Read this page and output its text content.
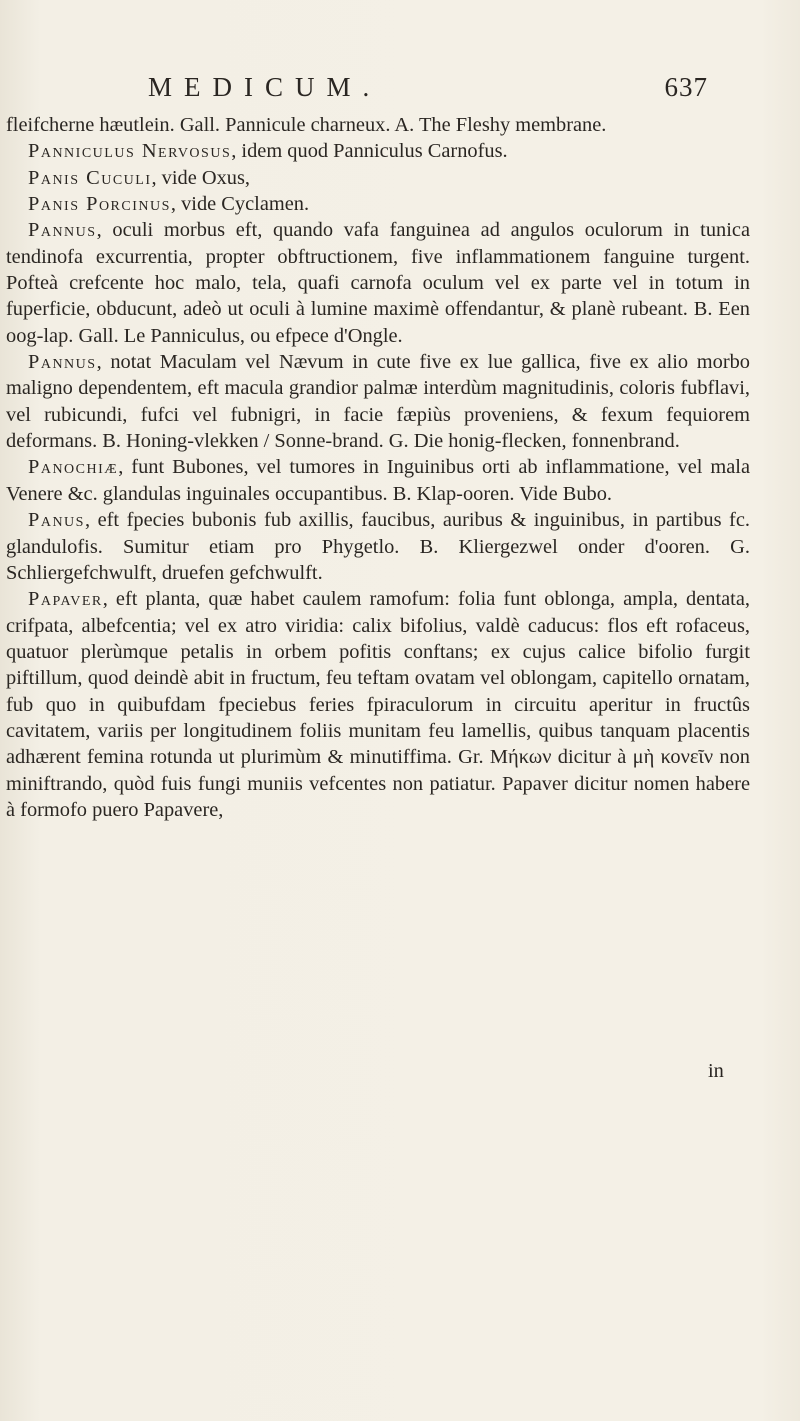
MEDICUM.	637

fleifcherne hæutlein. Gall. Pannicule charneux. A. The Fleshy membrane.

Panniculus Nervosus, idem quod Panniculus Carnofus.

Panis Cuculi, vide Oxus,

Panis Porcinus, vide Cyclamen.

Pannus, oculi morbus eft, quando vafa fanguinea ad angulos oculorum in tunica tendinofa excurrentia, propter obftructionem, five inflammationem fanguine turgent. Pofteà crefcente hoc malo, tela, quafi carnofa oculum vel ex parte vel in totum in fuperficie, obducunt, adeò ut oculi à lumine maximè offendantur, & planè rubeant. B. Een oog-lap. Gall. Le Panniculus, ou efpece d'Ongle.

Pannus, notat Maculam vel Nævum in cute five ex lue gallica, five ex alio morbo maligno dependentem, eft macula grandior palmæ interdùm magnitudinis, coloris fubflavi, vel rubicundi, fufci vel fubnigri, in facie fæpiùs proveniens, & fexum fequiorem deformans. B. Honing-vlekken / Sonne-brand. G. Die honig-flecken, fonnenbrand.

Panochiæ, funt Bubones, vel tumores in Inguinibus orti ab inflammatione, vel mala Venere &c. glandulas inguinales occupantibus. B. Klap-ooren. Vide Bubo.

Panus, eft fpecies bubonis fub axillis, faucibus, auribus & inguinibus, in partibus fc. glandulofis. Sumitur etiam pro Phygetlo. B. Kliergezwel onder d'ooren. G. Schliergefchwulft, druefen gefchwulft.

Papaver, eft planta, quæ habet caulem ramofum: folia funt oblonga, ampla, dentata, crifpata, albefcentia; vel ex atro viridia: calix bifolius, valdè caducus: flos eft rofaceus, quatuor plerùmque petalis in orbem pofitis conftans; ex cujus calice bifolio furgit piftillum, quod deindè abit in fructum, feu teftam ovatam vel oblongam, capitello ornatam, fub quo in quibufdam fpeciebus feries fpiraculorum in circuitu aperitur in fructûs cavitatem, variis per longitudinem foliis munitam feu lamellis, quibus tanquam placentis adhærent femina rotunda ut plurimùm & minutiffima. Gr. Μήκων dicitur à μὴ κονεῖν non miniftrando, quòd fuis fungi muniis vefcentes non patiatur. Papaver dicitur nomen habere à formofo puero Papavere,

in
